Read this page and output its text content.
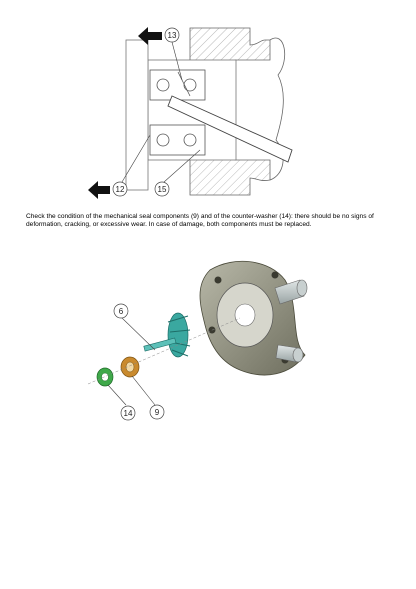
13
12	15
Check the condition of the mechanical seal components (9) and of the counter-washer (14): there should be no signs of deformation, cracking, or excessive wear. In case of damage, both components must be replaced.
6
14	9
